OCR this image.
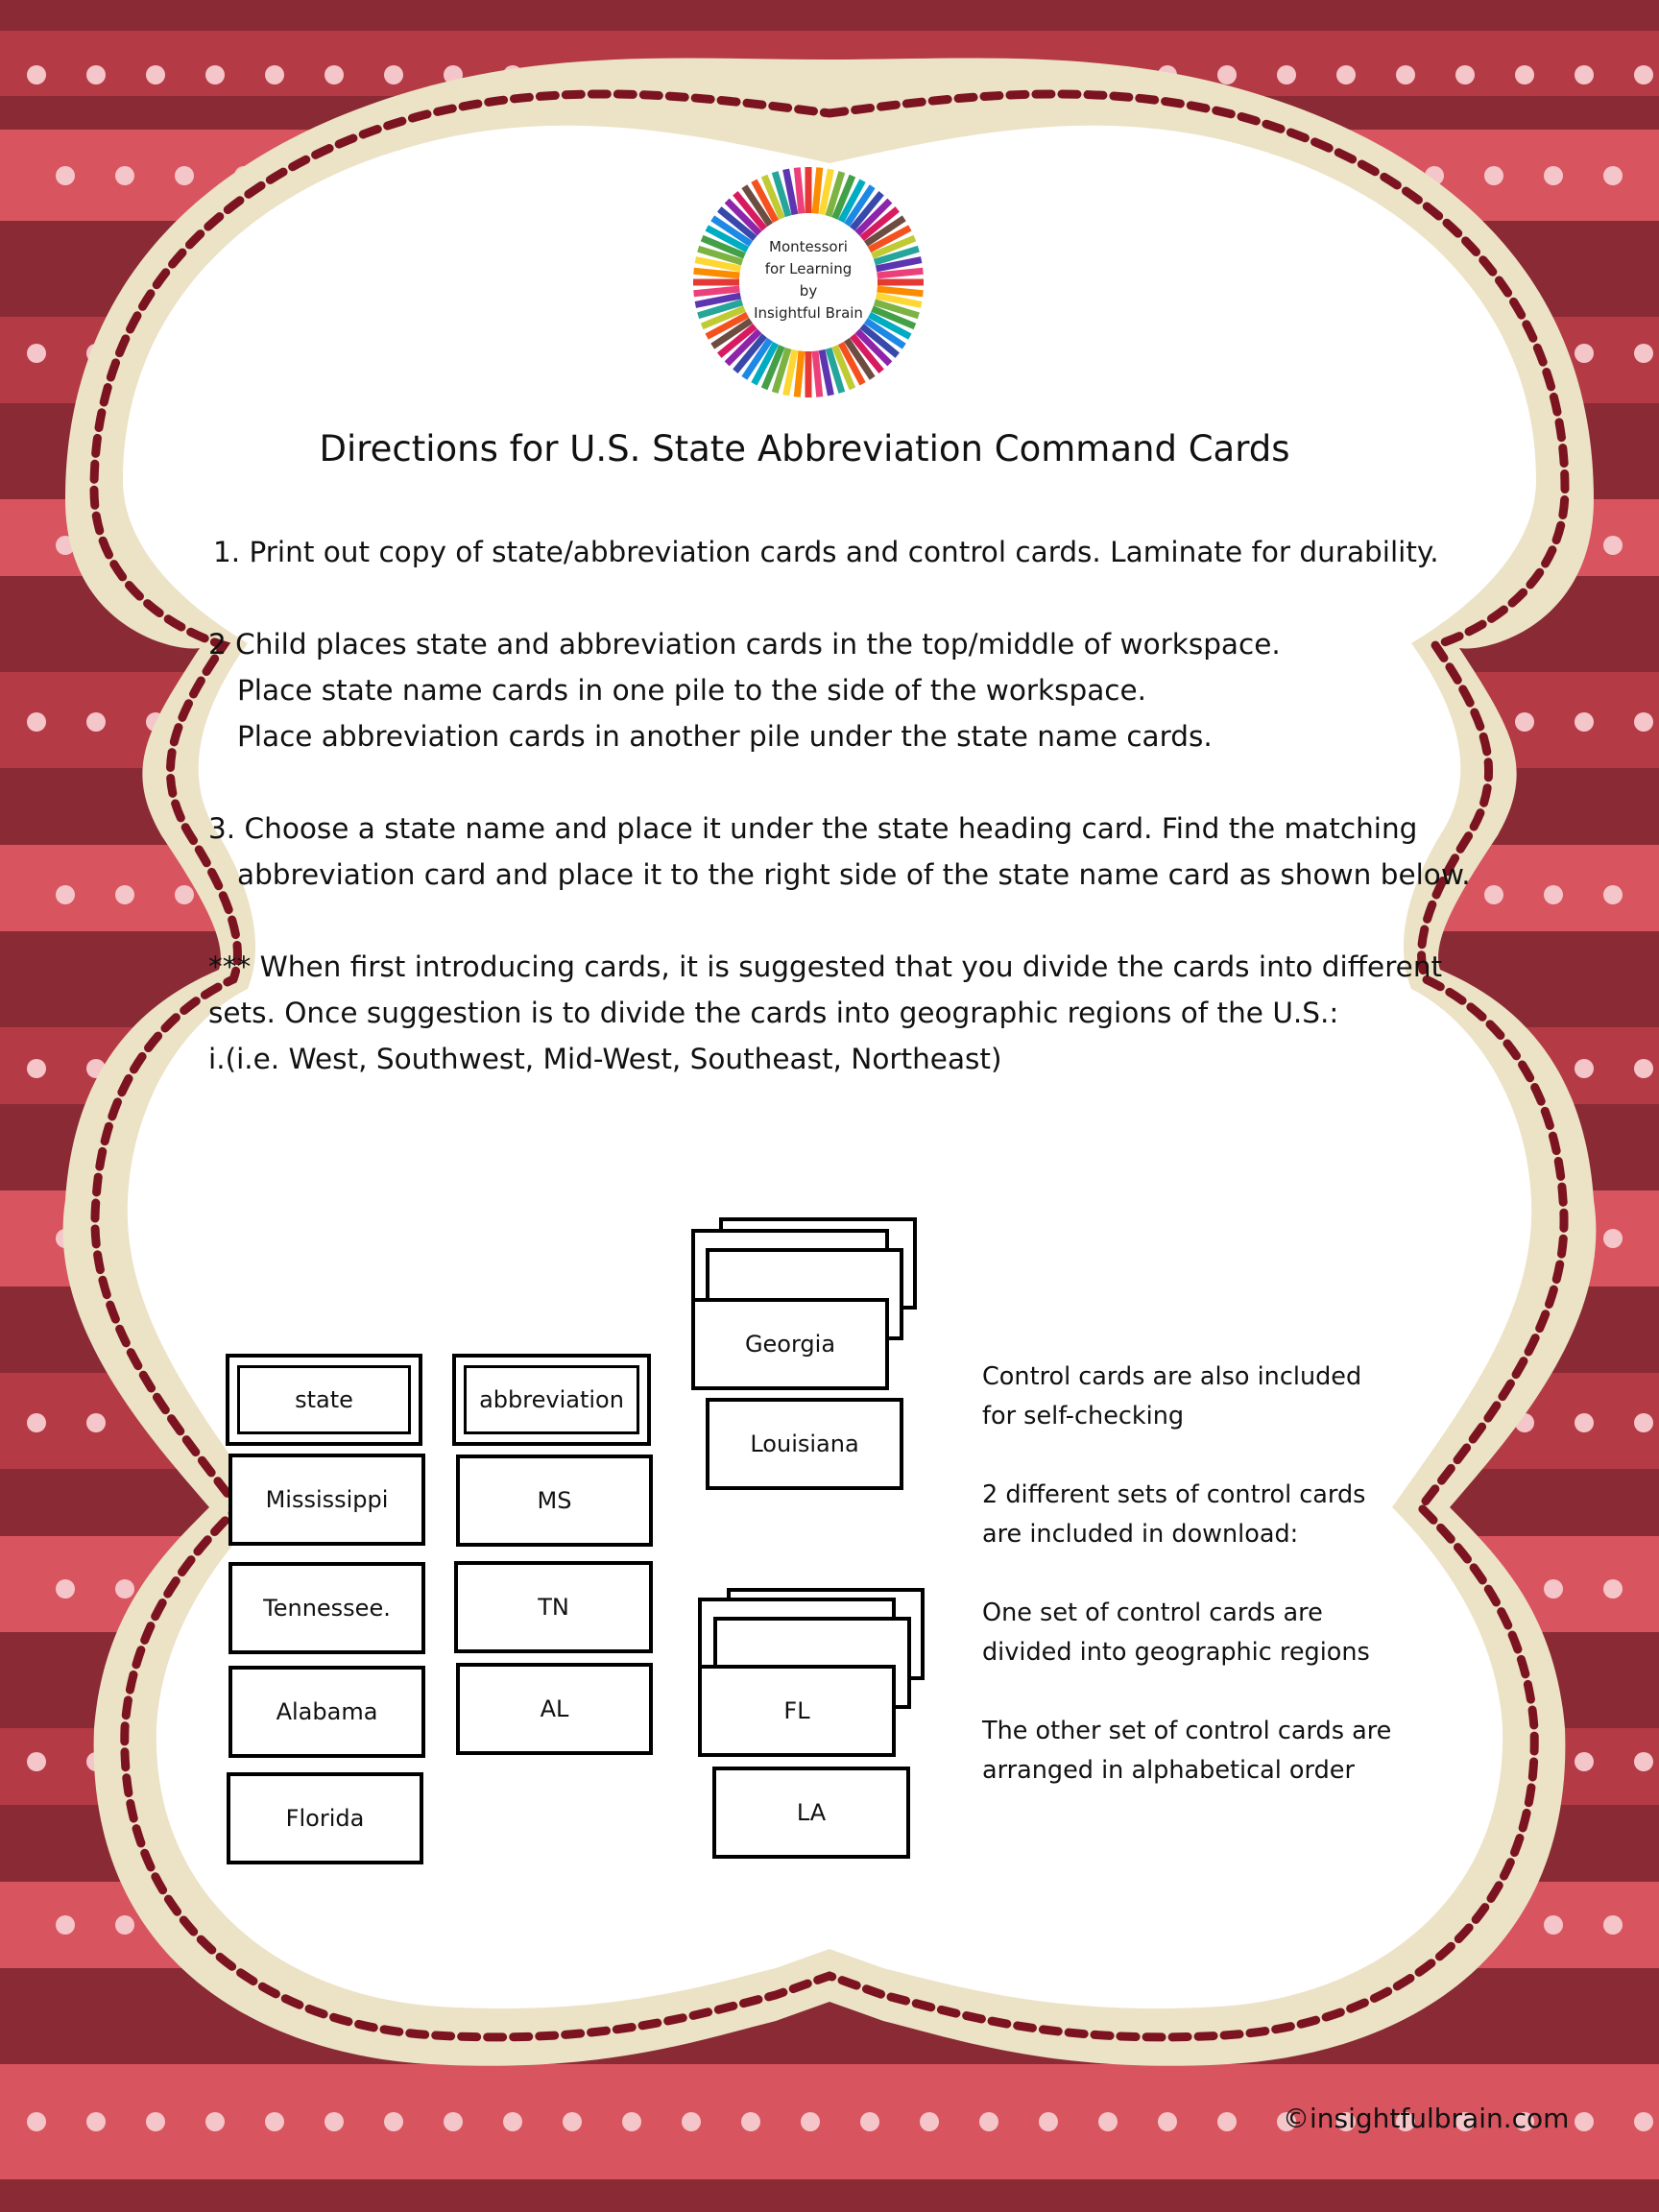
Montessori
for Learning
by
Insightful Brain
Directions for U.S. State Abbreviation Command Cards
1. Print out copy of state/abbreviation cards and control cards. Laminate for durability.
2 Child places state and abbreviation cards in the top/middle of workspace.
Place state name cards in one pile to the side of the workspace.
Place abbreviation cards in another pile under the state name cards.
3. Choose a state name and place it under the state heading card. Find the matching
abbreviation card and place it to the right side of the state name card as shown below.
*** When first introducing cards, it is suggested that you divide the cards into different
sets. Once suggestion is to divide the cards into geographic regions of the U.S.:
i.(i.e. West, Southwest, Mid-West, Southeast, Northeast)
state	abbreviation
Mississippi
Tennessee.
Alabama
Florida
MS
TN
AL
Georgia
Louisiana
FL
LA
Control cards are also included
for self-checking
2 different sets of control cards
are included in download:
One set of control cards are
divided into geographic regions
The other set of control cards are
arranged in alphabetical order
©insightfulbrain.com
